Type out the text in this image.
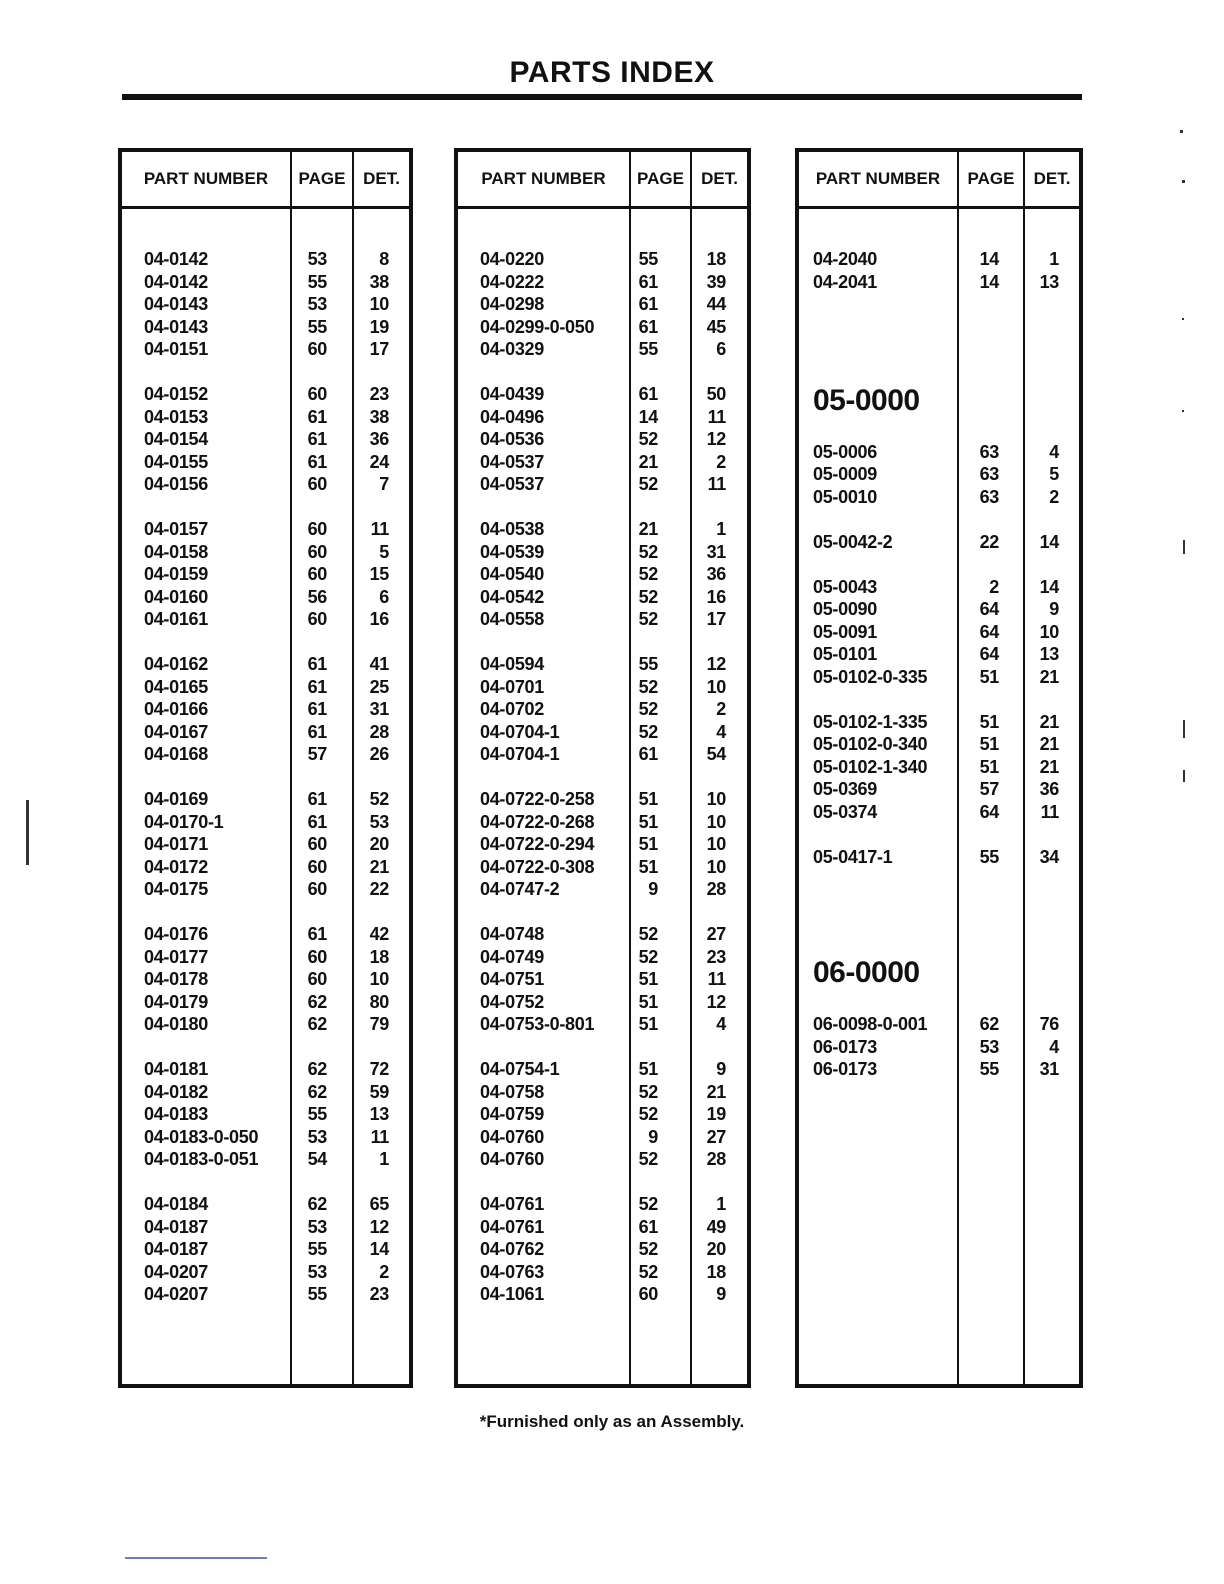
PARTS INDEX
PART NUMBER	PAGE	DET.
04-0142	53	8
04-0142	55 38
04-0143	53 10
04-0143	55 19
04-0151	60 17
04-0152	60 23
04-0153	61 38
04-0154	61 36
04-0155	61 24
04-0156	60	7
04-0157	60 11
04-0158	60	5
04-0159	60 15
04-0160	56	6
04-0161	60 16
04-0162	61 41
04-0165	61 25
04-0166	61 31
04-0167	61 28
04-0168	57 26
04-0169	61 52
04-0170-1	61 53
04-0171	60 20
04-0172	60 21
04-0175	60 22
04-0176	61 42
04-0177	60 18
04-0178	60 10
04-0179	62 80
04-0180	62 79
04-0181	62 72
04-0182	62 59
04-0183	55 13
04-0183-0-050	53 11
04-0183-0-051	54	1
04-0184	62 65
04-0187	53 12
04-0187	55 14
04-0207	53	2
04-0207	55 23
PART NUMBER	PAGE	DET.
04-0220	55	18
04-0222	61	39
04-0298	61	44
04-0299-0-050 61	45
04-0329	55	6
04-0439	61	50
04-0496	14	11
04-0536	52	12
04-0537	21	2
04-0537	52	11
04-0538	21	1
04-0539	52	31
04-0540	52	36
04-0542	52	16
04-0558	52	17
04-0594	55	12
04-0701	52	10
04-0702	52	2
04-0704-1	52	4
04-0704-1	61	54
04-0722-0-258 51	10
04-0722-0-268 51	10
04-0722-0-294 51	10
04-0722-0-308 51	10
04-0747-2	9	28
04-0748	52	27
04-0749	52	23
04-0751	51	11
04-0752	51	12
04-0753-0-801 51	4
04-0754-1	51	9
04-0758	52	21
04-0759	52	19
04-0760	9	27
04-0760	52	28
04-0761	52	1
04-0761	61	49
04-0762	52	20
04-0763	52	18
04-1061	60	9
PART NUMBER	PAGE	DET.
04-2040	14	1
04-2041	14 13
05-0000
05-0006	63	4
05-0009	63	5
05-0010	63	2
05-0042-2	22 14
05-0043	2 14
05-0090	64	9
05-0091	64 10
05-0101	64 13
05-0102-0-335	51 21
05-0102-1-335	51 21
05-0102-0-340	51 21
05-0102-1-340	51 21
05-0369	57 36
05-0374	64 11
05-0417-1	55 34
06-0000
06-0098-0-001	62 76
06-0173	53	4
06-0173	55 31
*Furnished only as an Assembly.
